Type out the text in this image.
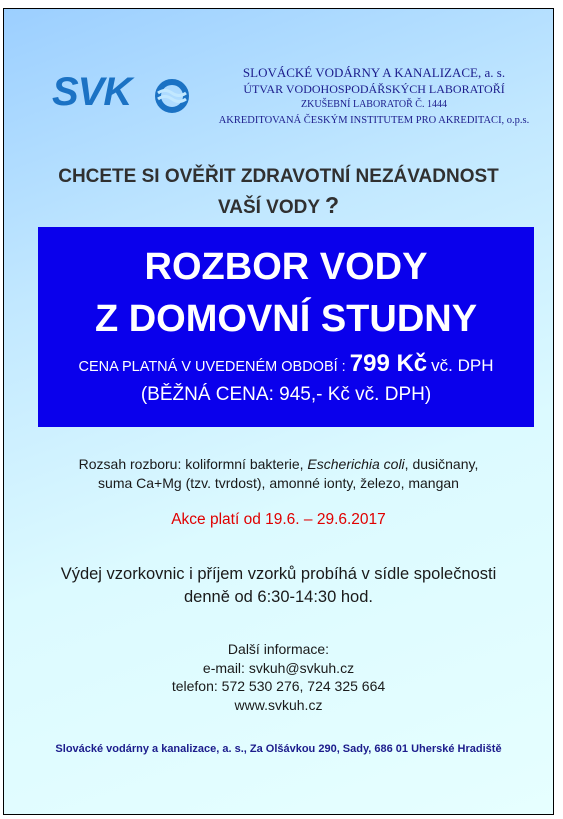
SVK	SLOVÁCKÉ VODÁRNY A KANALIZACE, a. s.
ÚTVAR VODOHOSPODÁŘSKÝCH LABORATOŘÍ
ZKUŠEBNÍ LABORATOŘ Č. 1444
AKREDITOVANÁ ČESKÝM INSTITUTEM PRO AKREDITACI, o.p.s.
CHCETE SI OVĚŘIT ZDRAVOTNÍ NEZÁVADNOST
VAŠÍ VODY ?
ROZBOR VODY
Z DOMOVNÍ STUDNY
CENA PLATNÁ V UVEDENÉM OBDOBÍ : 799 Kč vč. DPH
(BĚŽNÁ CENA: 945,- Kč vč. DPH)
Rozsah rozboru: koliformní bakterie, Escherichia coli, dusičnany,
suma Ca+Mg (tzv. tvrdost), amonné ionty, železo, mangan
Akce platí od 19.6. – 29.6.2017
Výdej vzorkovnic i příjem vzorků probíhá v sídle společnosti
denně od 6:30-14:30 hod.
Další informace:
e-mail: svkuh@svkuh.cz
telefon: 572 530 276, 724 325 664
www.svkuh.cz
Slovácké vodárny a kanalizace, a. s., Za Olšávkou 290, Sady, 686 01 Uherské Hradiště
